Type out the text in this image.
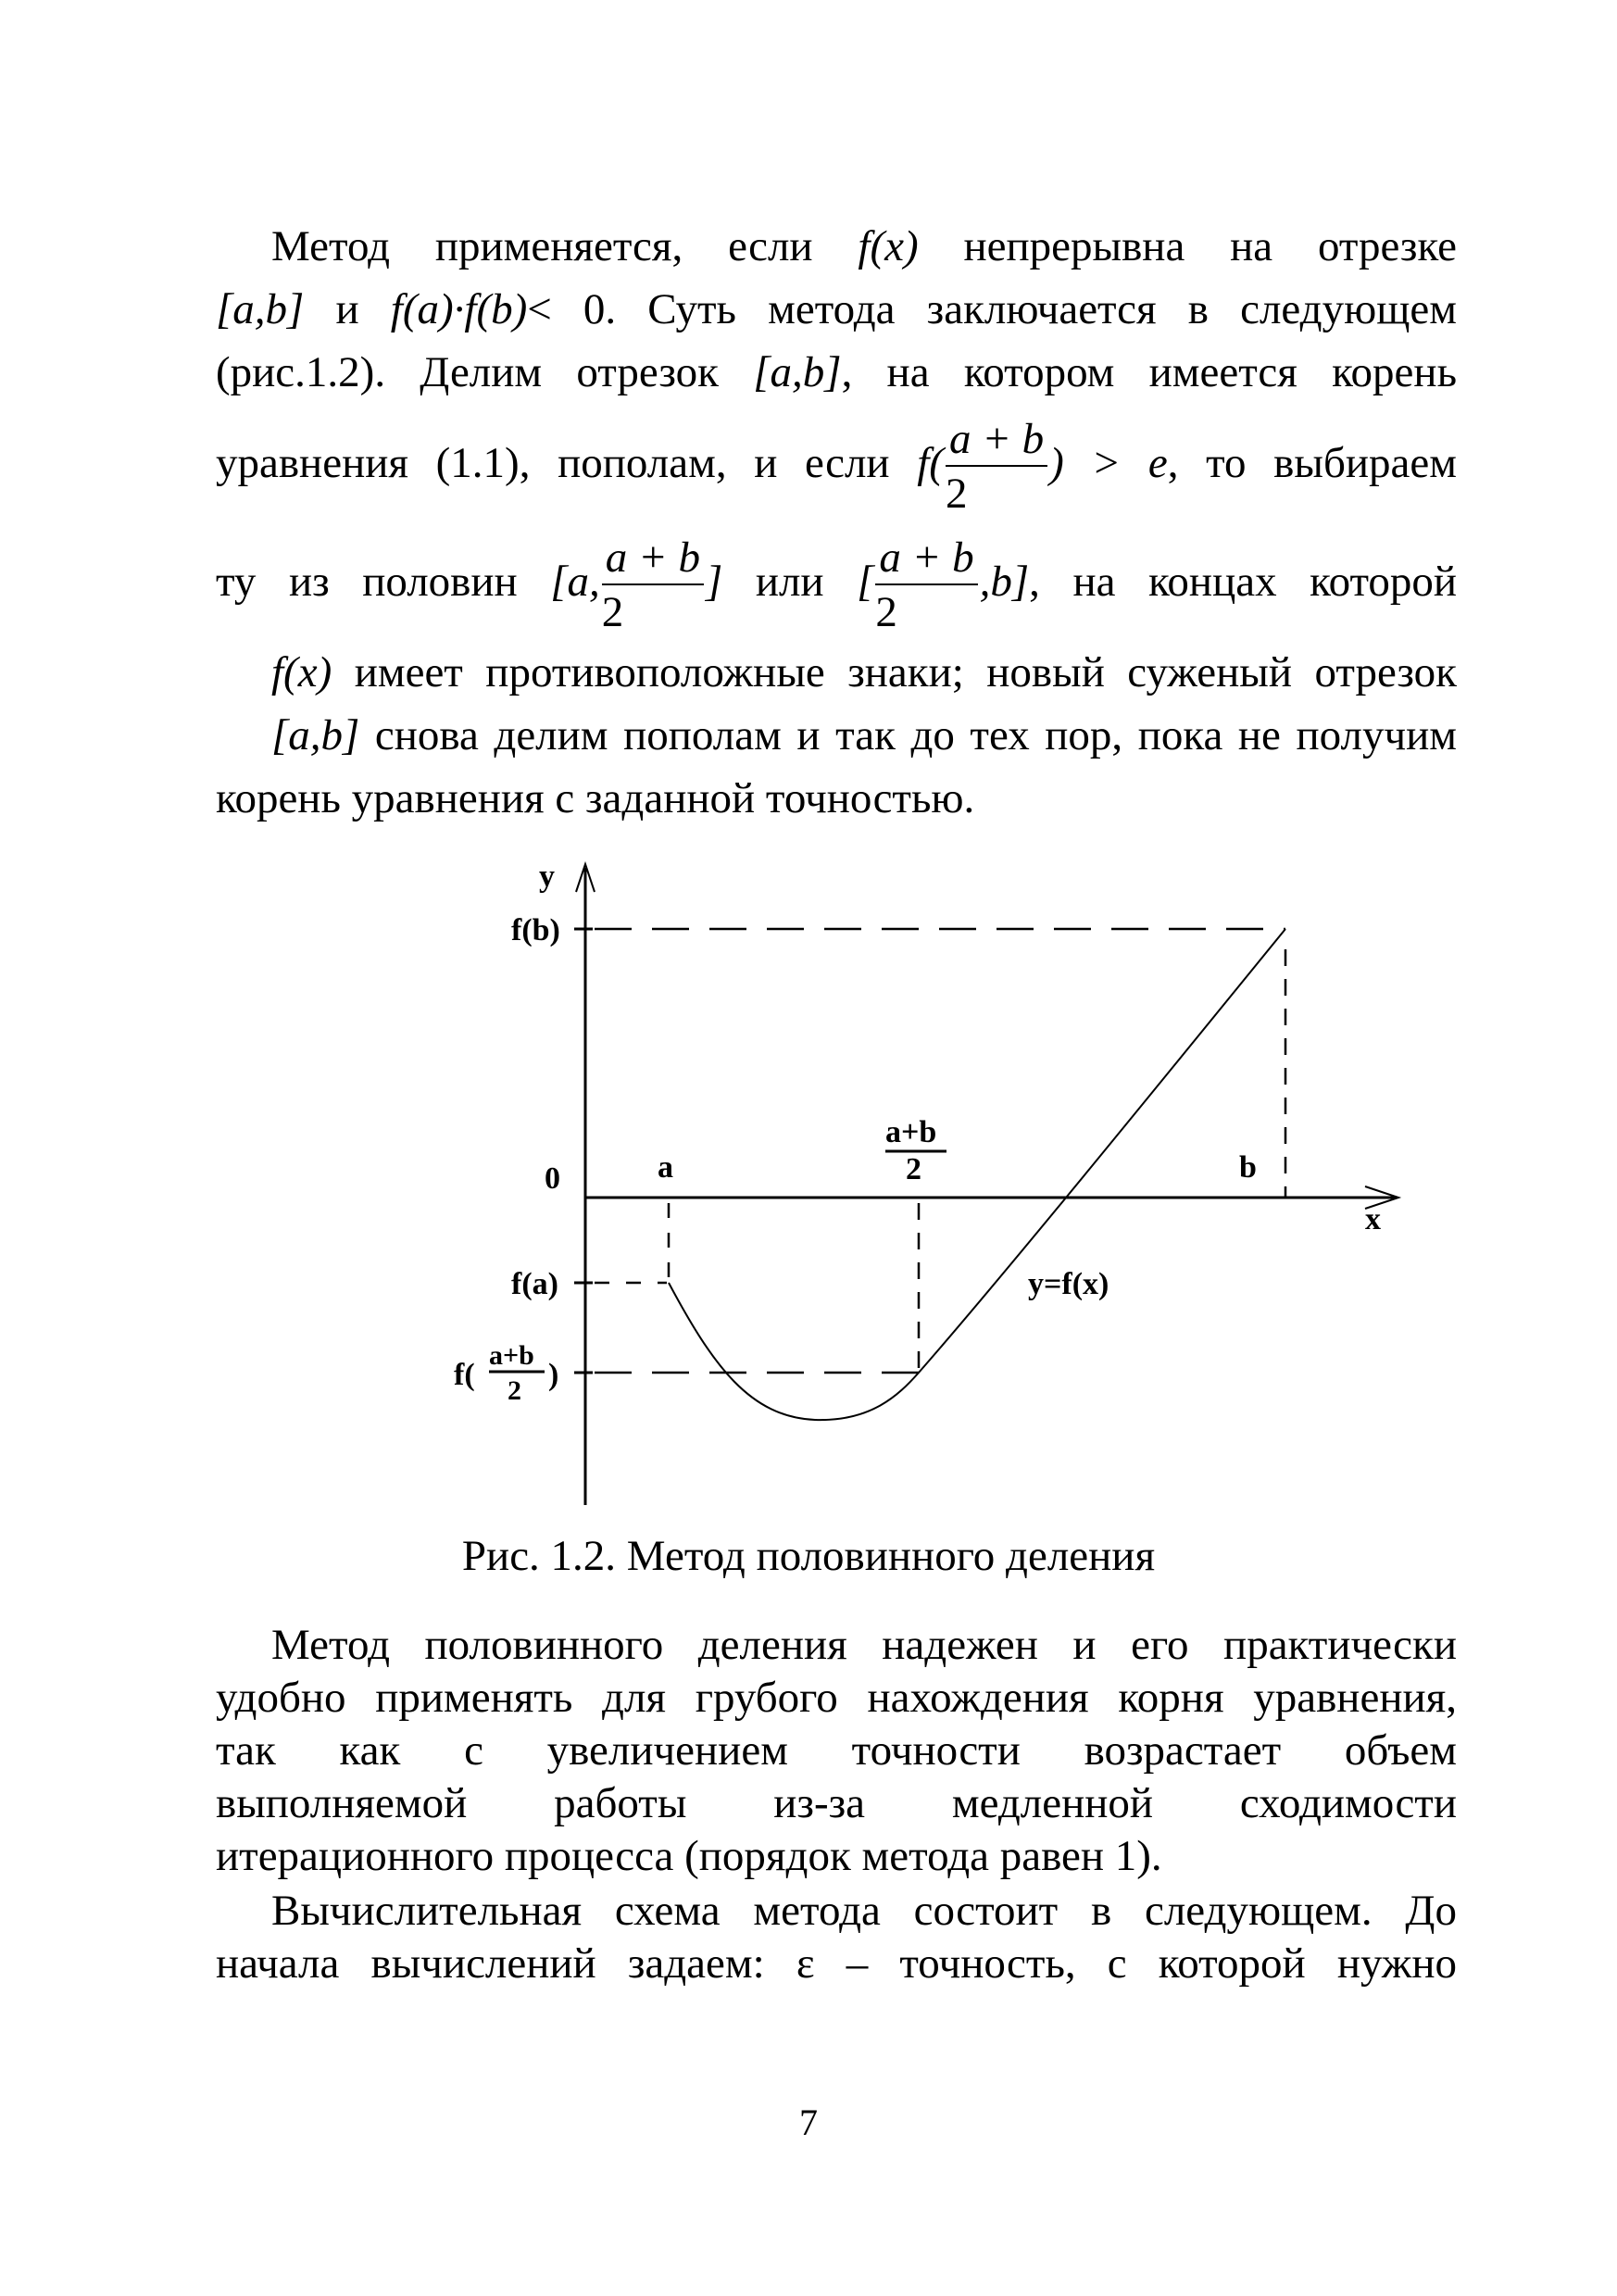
Метод применяется, если f(x) непрерывна на отрезке
[a,b] и f(a)·f(b)< 0. Суть метода заключается в следующем
(рис.1.2). Делим отрезок [a,b], на котором имеется корень
уравнения (1.1), пополам, и если $f( \frac{a + b}{2}$ ) > e, то выбираем
ту из половин [a, $\frac{a + b}{2}$ ] или [ $\frac{a + b}{2} ,b$], на концах которой
f(x) имеет противоположные знаки; новый суженый отрезок
[a,b] снова делим пополам и так до тех пор, пока не получим
корень уравнения с заданной точностью.
y
f(b)
0	a
a+b
2	b
x
f(a)
f(
a+b
2 )
y=f(x)
Рис. 1.2. Метод половинного деления
Метод половинного деления надежен и его практически
удобно применять для грубого нахождения корня уравнения,
так как с увеличением точности возрастает объем
выполняемой работы из-за медленной сходимости
итерационного процесса (порядок метода равен 1).
Вычислительная схема метода состоит в следующем. До
начала вычислений задаем: ε – точность, с которой нужно
7
